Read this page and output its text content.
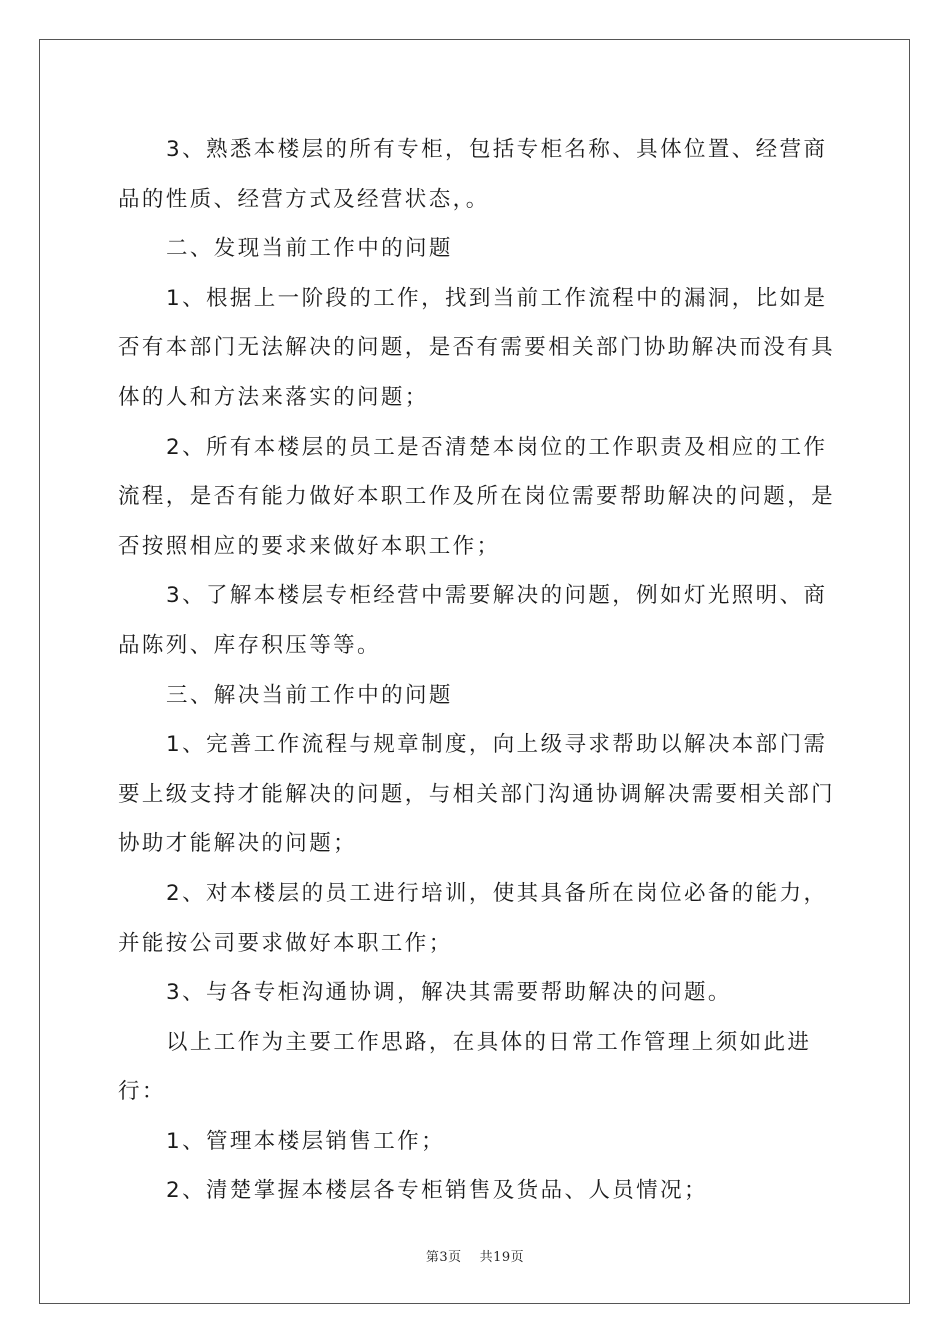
3、熟悉本楼层的所有专柜，包括专柜名称、具体位置、经营商品的性质、经营方式及经营状态，。

二、发现当前工作中的问题

1、根据上一阶段的工作，找到当前工作流程中的漏洞，比如是否有本部门无法解决的问题，是否有需要相关部门协助解决而没有具体的人和方法来落实的问题；

2、所有本楼层的员工是否清楚本岗位的工作职责及相应的工作流程，是否有能力做好本职工作及所在岗位需要帮助解决的问题，是否按照相应的要求来做好本职工作；

3、了解本楼层专柜经营中需要解决的问题，例如灯光照明、商品陈列、库存积压等等。

三、解决当前工作中的问题

1、完善工作流程与规章制度，向上级寻求帮助以解决本部门需要上级支持才能解决的问题，与相关部门沟通协调解决需要相关部门协助才能解决的问题；

2、对本楼层的员工进行培训，使其具备所在岗位必备的能力，并能按公司要求做好本职工作；

3、与各专柜沟通协调，解决其需要帮助解决的问题。

以上工作为主要工作思路，在具体的日常工作管理上须如此进行：

1、管理本楼层销售工作；

2、清楚掌握本楼层各专柜销售及货品、人员情况；

第3页 共19页
